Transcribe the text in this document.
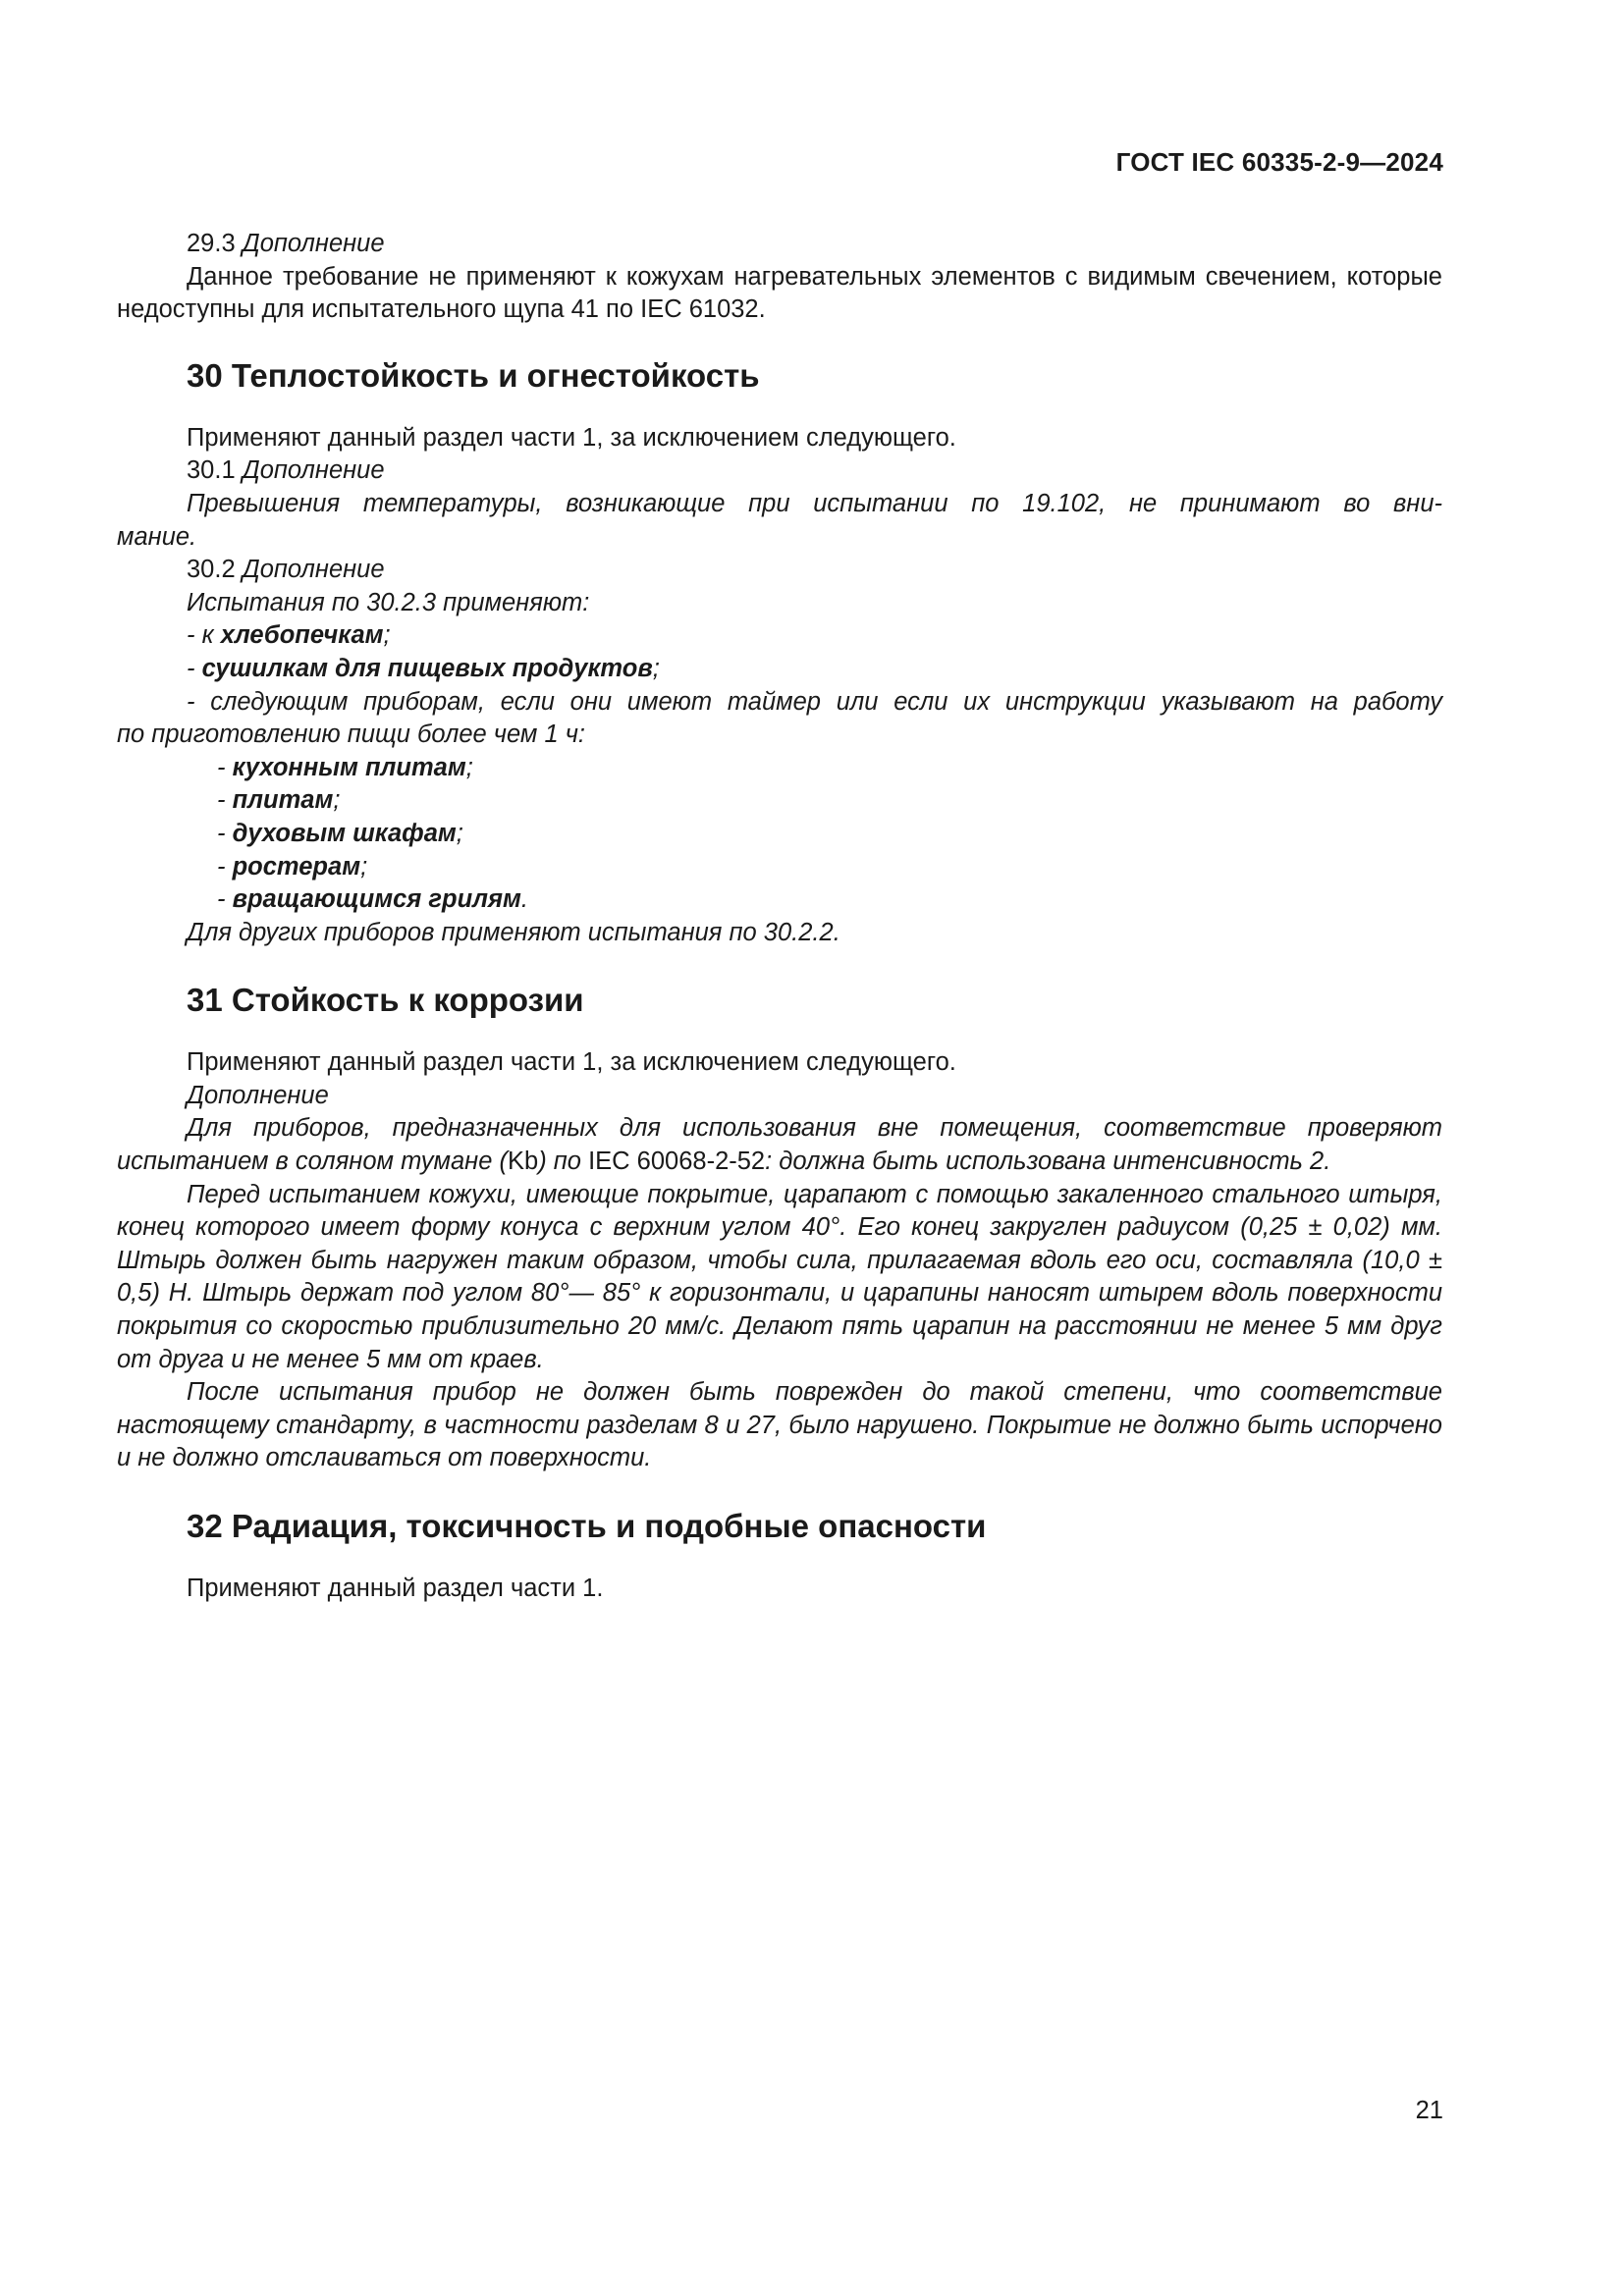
ГОСТ IEC 60335-2-9—2024

29.3 Дополнение

Данное требование не применяют к кожухам нагревательных элементов с видимым свечением, которые недоступны для испытательного щупа 41 по IEC 61032.

30 Теплостойкость и огнестойкость

Применяют данный раздел части 1, за исключением следующего.

30.1 Дополнение

Превышения температуры, возникающие при испытании по 19.102, не принимают во вни-

мание.

30.2 Дополнение

Испытания по 30.2.3 применяют:

- к хлебопечкам;

- сушилкам для пищевых продуктов;

- следующим приборам, если они имеют таймер или если их инструкции указывают на работу

по приготовлению пищи более чем 1 ч:

- кухонным плитам;

- плитам;

- духовым шкафам;

- ростерам;

- вращающимся грилям.

Для других приборов применяют испытания по 30.2.2.

31 Стойкость к коррозии

Применяют данный раздел части 1, за исключением следующего.

Дополнение

Для приборов, предназначенных для использования вне помещения, соответствие проверяют испытанием в соляном тумане (Kb) по IEC 60068-2-52: должна быть использована интенсивность 2.

Перед испытанием кожухи, имеющие покрытие, царапают с помощью закаленного стального штыря, конец которого имеет форму конуса с верхним углом 40°. Его конец закруглен радиусом (0,25 ± 0,02) мм. Штырь должен быть нагружен таким образом, чтобы сила, прилагаемая вдоль его оси, составляла (10,0 ± 0,5) Н. Штырь держат под углом 80°— 85° к горизонтали, и царапины наносят штырем вдоль поверхности покрытия со скоростью приблизительно 20 мм/с. Делают пять царапин на расстоянии не менее 5 мм друг от друга и не менее 5 мм от краев.

После испытания прибор не должен быть поврежден до такой степени, что соответствие настоящему стандарту, в частности разделам 8 и 27, было нарушено. Покрытие не должно быть испорчено и не должно отслаиваться от поверхности.

32 Радиация, токсичность и подобные опасности

Применяют данный раздел части 1.

21
